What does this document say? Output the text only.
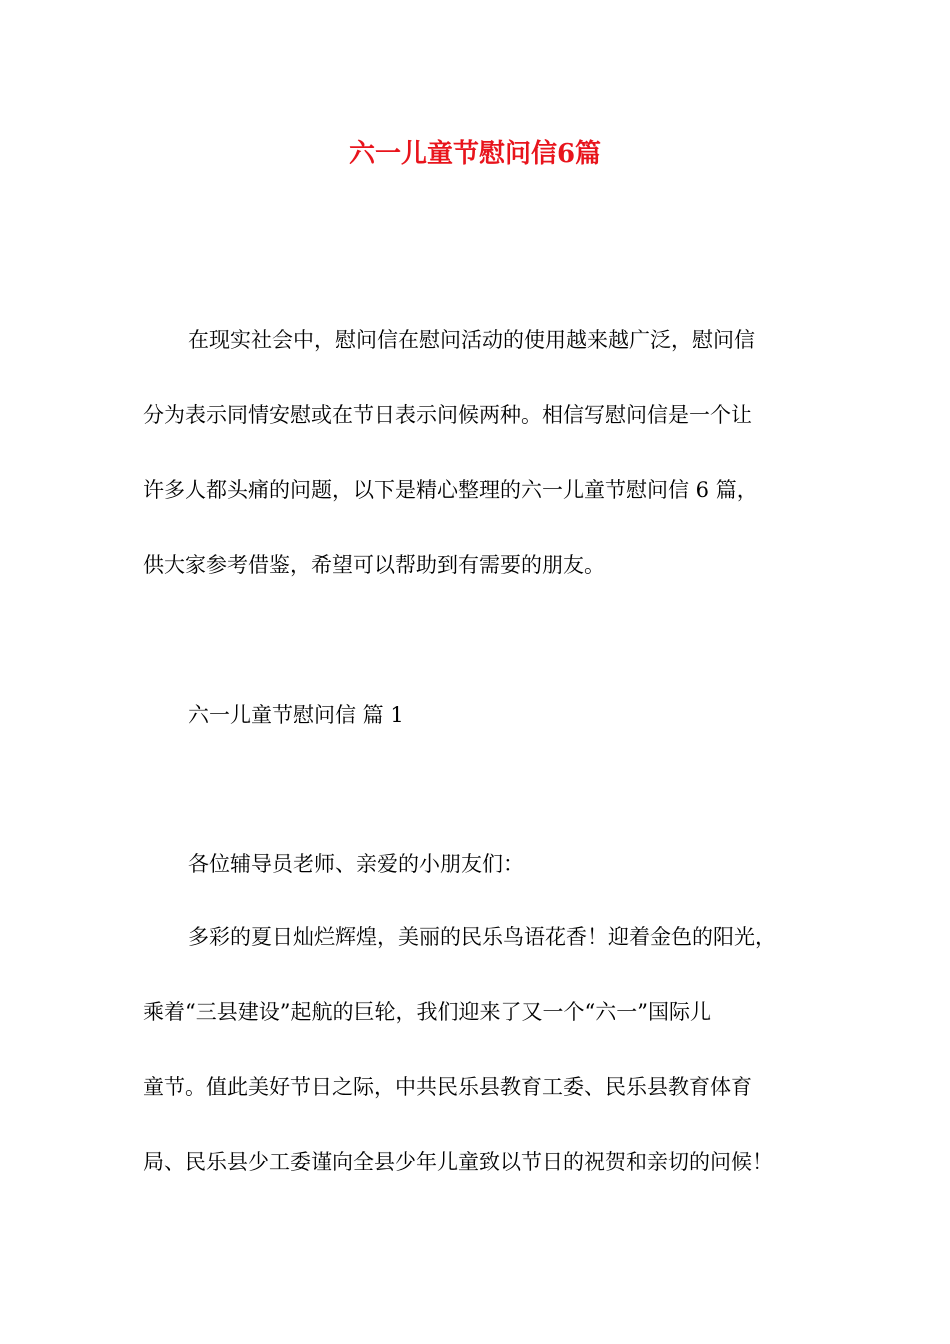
六一儿童节慰问信6篇
在现实社会中，慰问信在慰问活动的使用越来越广泛，慰问信
分为表示同情安慰或在节日表示问候两种。相信写慰问信是一个让
许多人都头痛的问题，以下是精心整理的六一儿童节慰问信 6 篇，
供大家参考借鉴，希望可以帮助到有需要的朋友。
六一儿童节慰问信 篇 1
各位辅导员老师、亲爱的小朋友们：
多彩的夏日灿烂辉煌，美丽的民乐鸟语花香！迎着金色的阳光，
乘着“三县建设”起航的巨轮，我们迎来了又一个“六一”国际儿
童节。值此美好节日之际，中共民乐县教育工委、民乐县教育体育
局、民乐县少工委谨向全县少年儿童致以节日的祝贺和亲切的问候！
